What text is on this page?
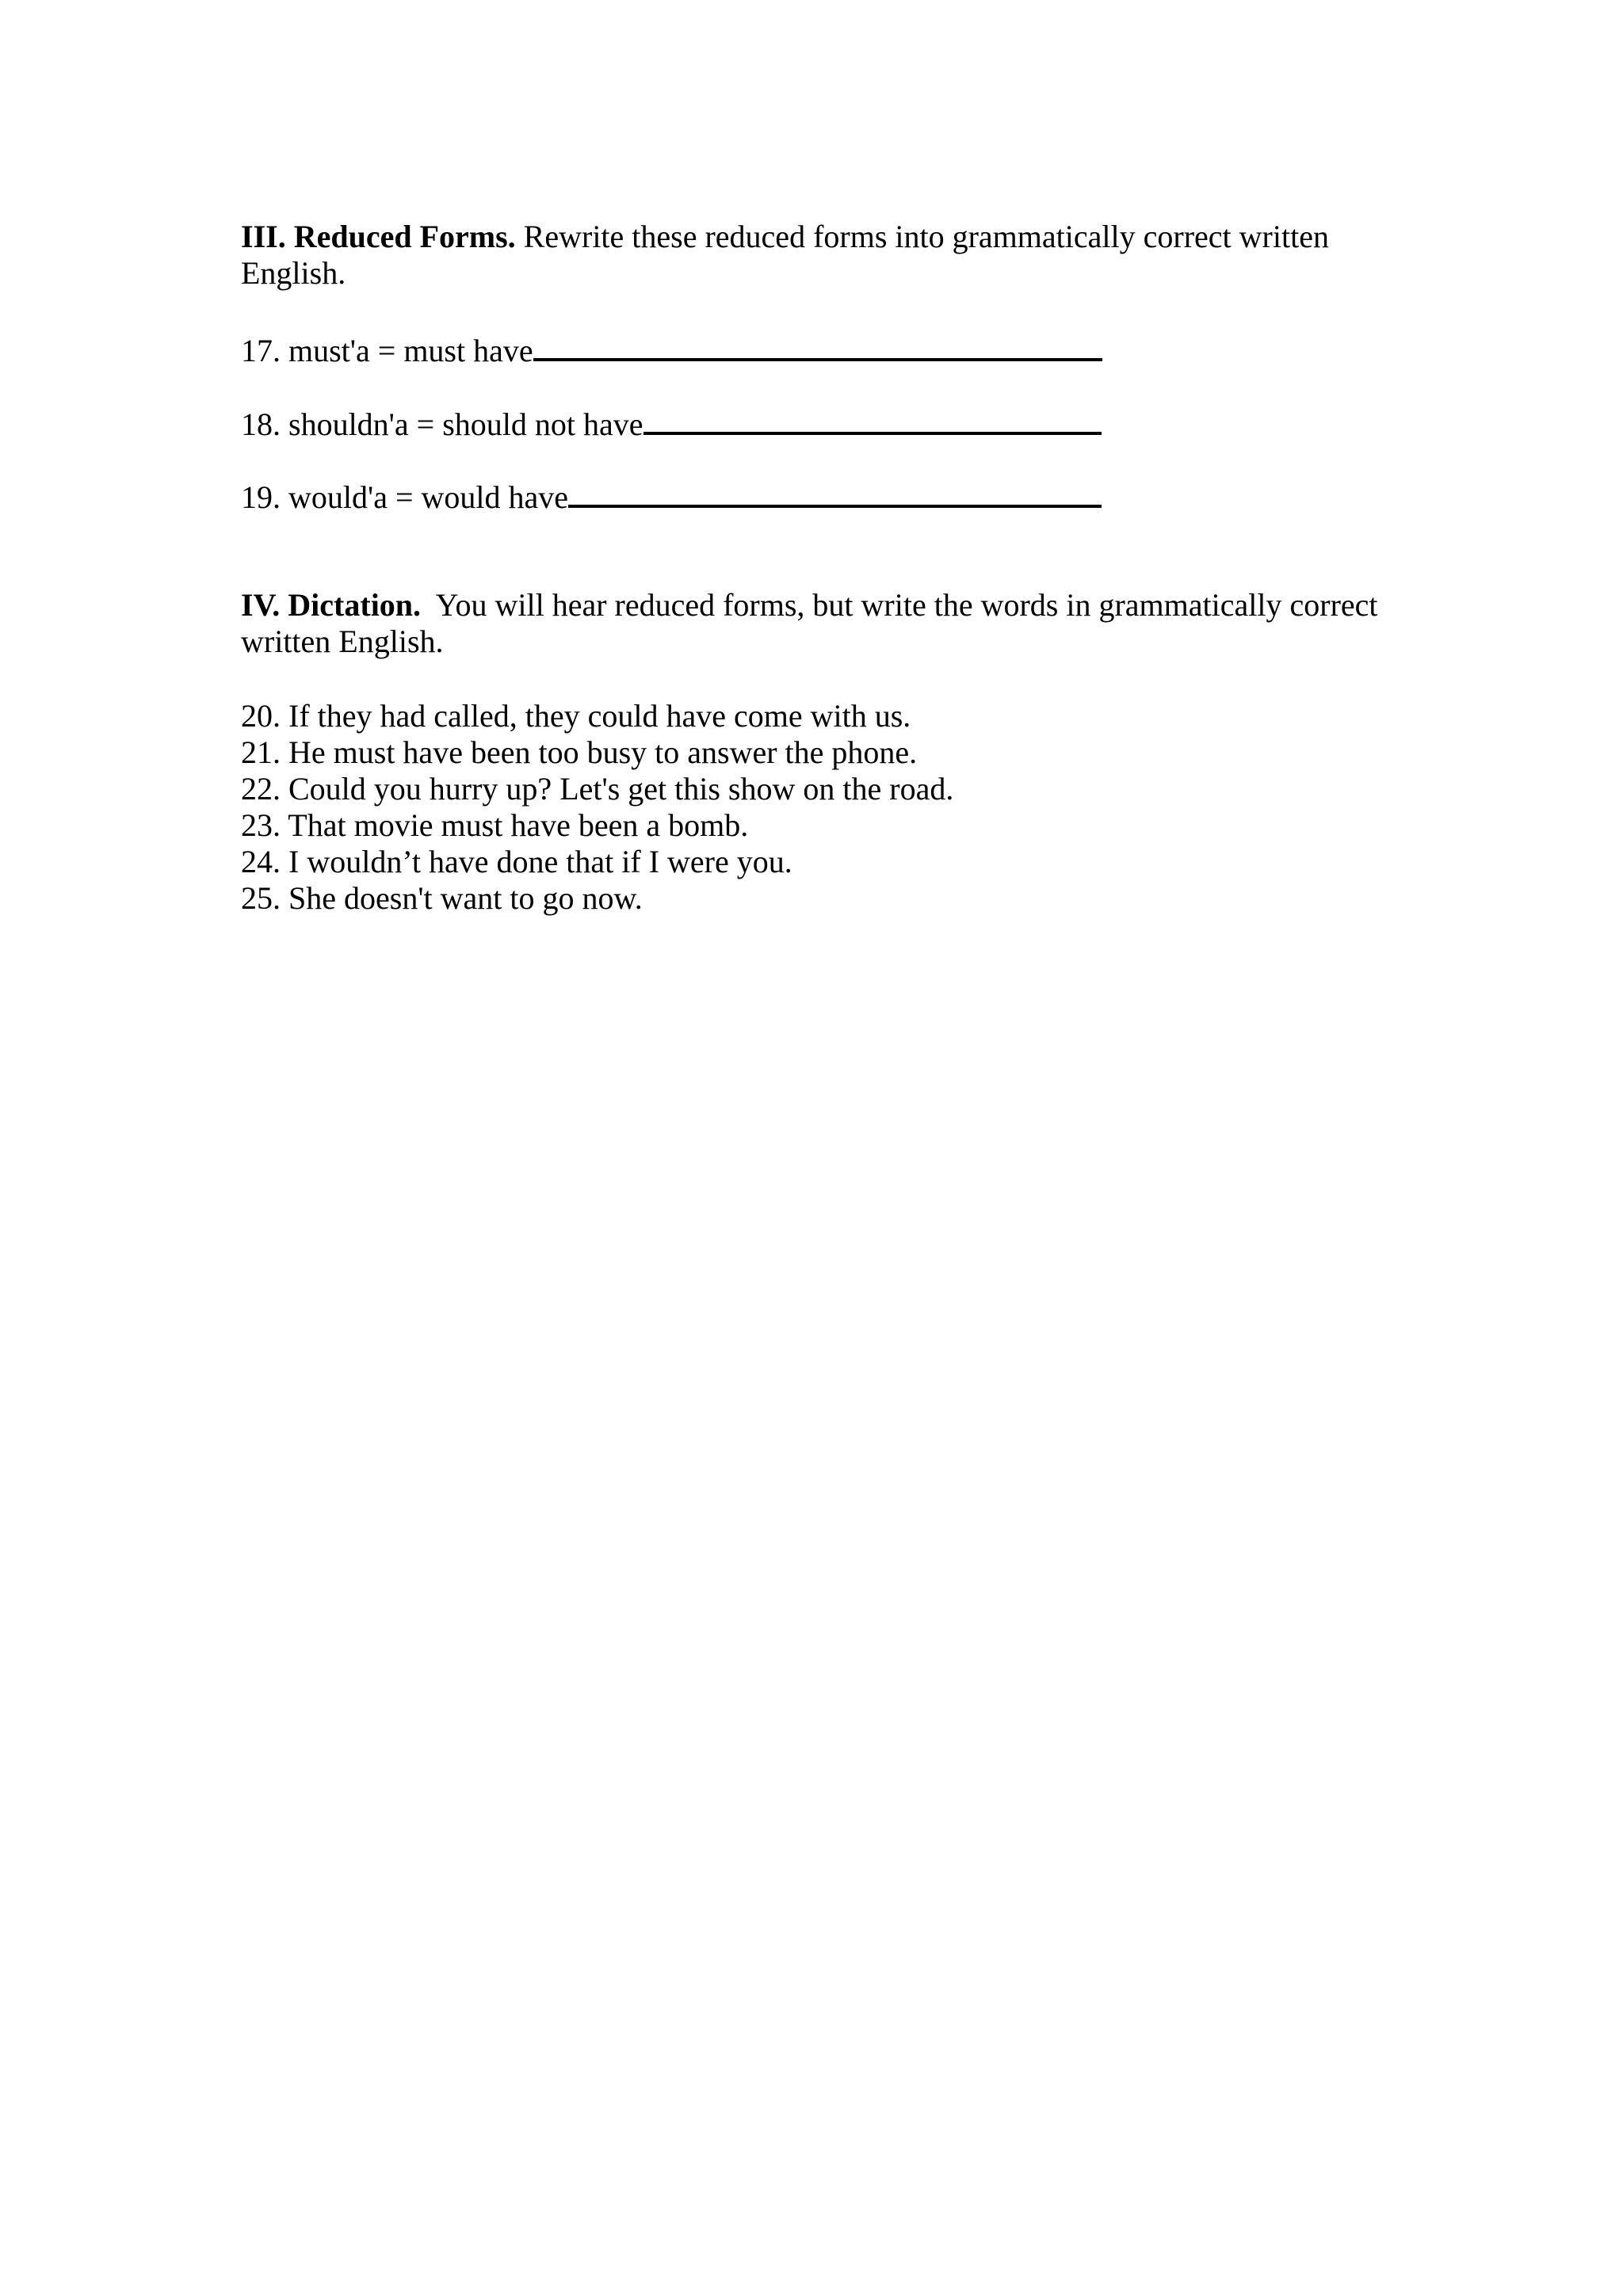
III. Reduced Forms. Rewrite these reduced forms into grammatically correct written English.
17. must'a = must have
18. shouldn'a = should not have
19. would'a = would have
IV. Dictation.  You will hear reduced forms, but write the words in grammatically correct written English.
20. If they had called, they could have come with us.
21. He must have been too busy to answer the phone.
22. Could you hurry up? Let's get this show on the road.
23. That movie must have been a bomb.
24. I wouldn’t have done that if I were you.
25. She doesn't want to go now.
